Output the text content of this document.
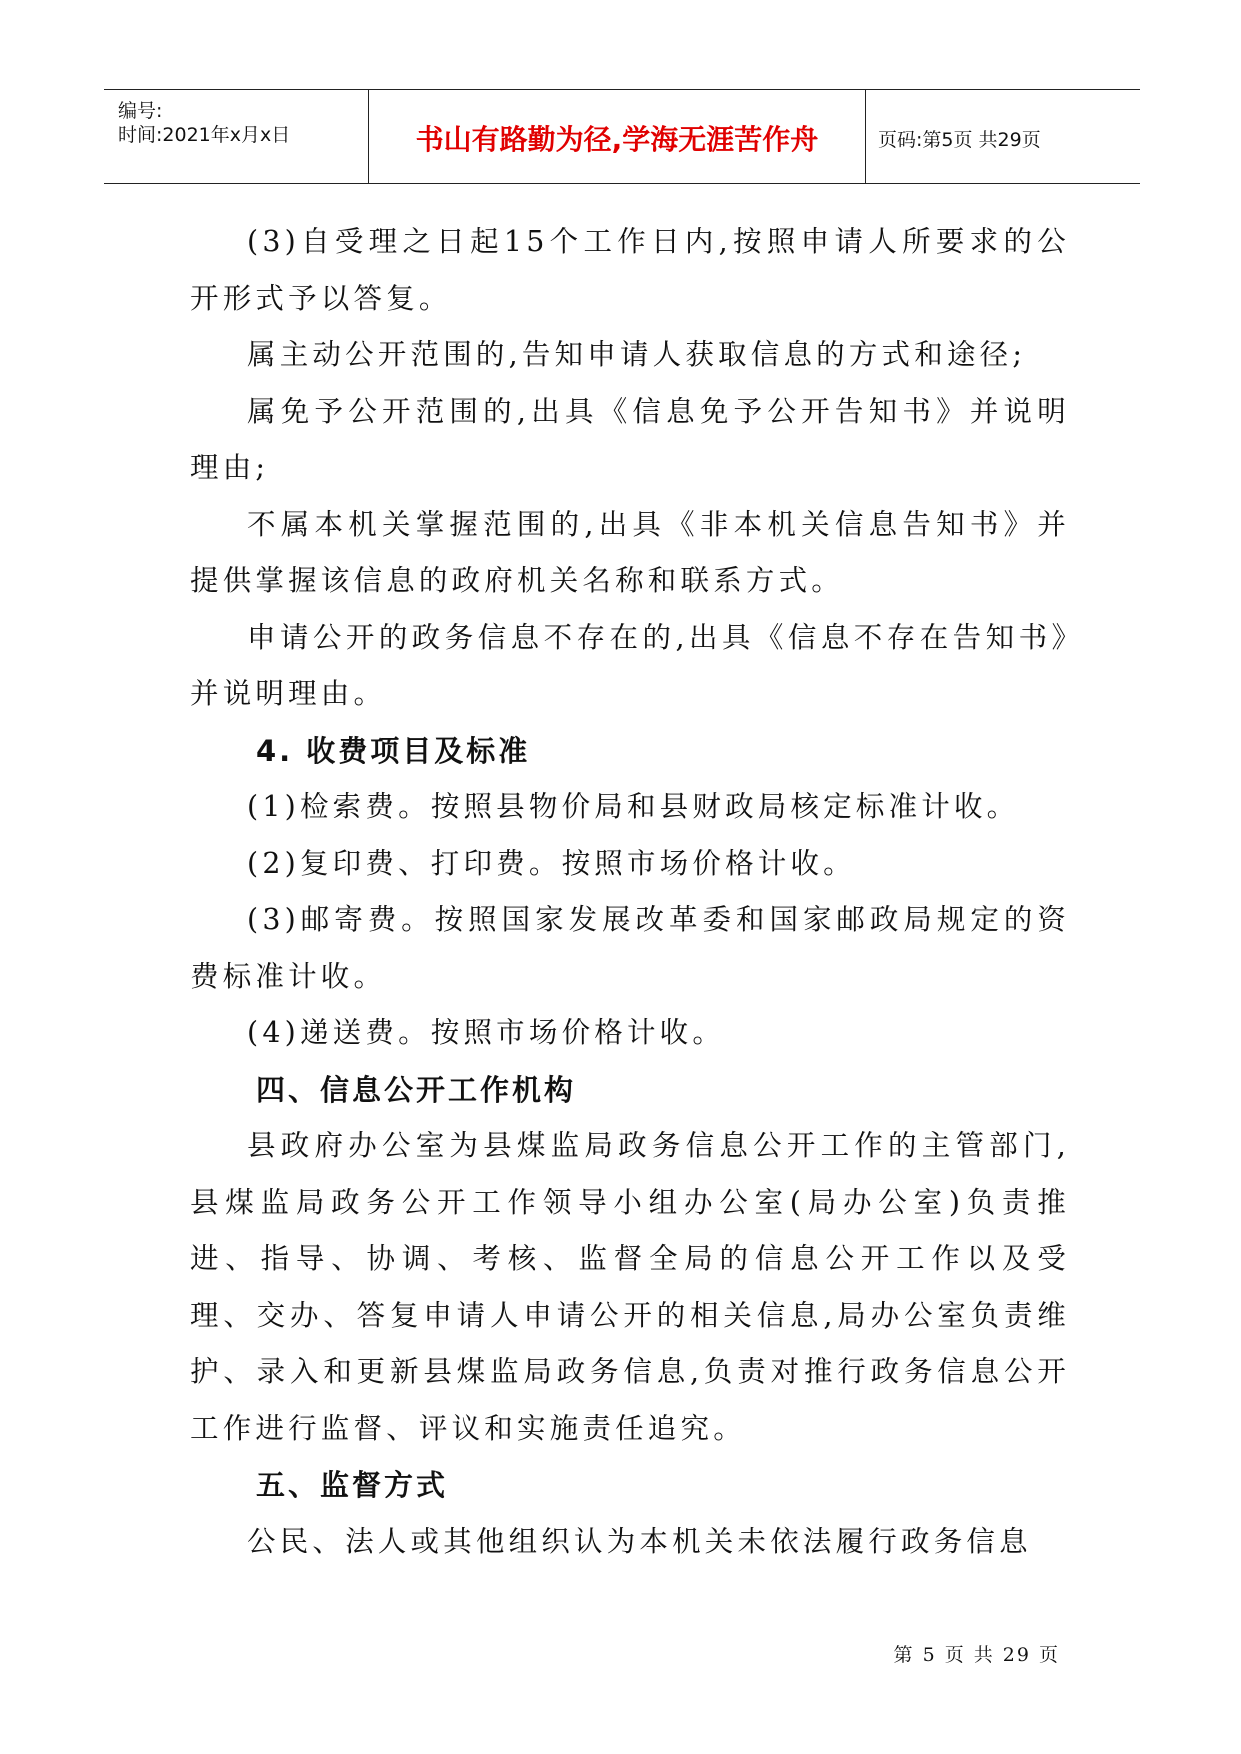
编号:
时间:2021年x月x日	书山有路勤为径,学海无涯苦作舟	页码:第5页 共29页

(3)自受理之日起15个工作日内,按照申请人所要求的公开形式予以答复。

属主动公开范围的,告知申请人获取信息的方式和途径;

属免予公开范围的,出具《信息免予公开告知书》并说明理由;

不属本机关掌握范围的,出具《非本机关信息告知书》并提供掌握该信息的政府机关名称和联系方式。

申请公开的政务信息不存在的,出具《信息不存在告知书》并说明理由。

4. 收费项目及标准

(1)检索费。按照县物价局和县财政局核定标准计收。

(2)复印费、打印费。按照市场价格计收。

(3)邮寄费。按照国家发展改革委和国家邮政局规定的资费标准计收。

(4)递送费。按照市场价格计收。

四、信息公开工作机构

县政府办公室为县煤监局政务信息公开工作的主管部门,县煤监局政务公开工作领导小组办公室(局办公室)负责推进、指导、协调、考核、监督全局的信息公开工作以及受理、交办、答复申请人申请公开的相关信息,局办公室负责维护、录入和更新县煤监局政务信息,负责对推行政务信息公开工作进行监督、评议和实施责任追究。

五、监督方式

公民、法人或其他组织认为本机关未依法履行政务信息

第 5 页 共 29 页
